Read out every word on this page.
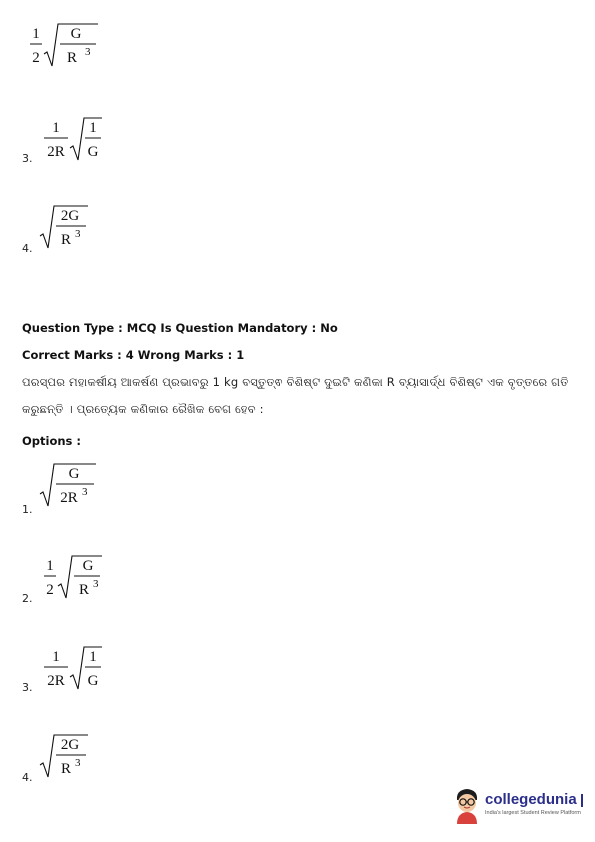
1
2
G
R 3
3.
1
2R
1
G
4.
2G
R 3
Question Type : MCQ Is Question Mandatory : No
Correct Marks : 4 Wrong Marks : 1
ପରସ୍ପର ମହାକର୍ଷୀୟ ଆକର୍ଷଣ ପ୍ରଭାବରୁ 1 kg ବସ୍ତୁତ୍ଵ ବିଶିଷ୍ଟ ଦୁଇଟି କଣିକା R ବ୍ୟାସାର୍ଦ୍ଧ ବିଶିଷ୍ଟ ଏକ ବୃତ୍ତରେ ଗତି
କରୁଛନ୍ତି । ପ୍ରତ୍ୟେକ କଣିକାର ରୈଖିକ ବେଗ ହେବ :
Options :
1.
G
2R 3
2.
1
2
G
R 3
3.
1
2R
1
G
4.
2G
R 3
collegedunia
India's largest Student Review Platform
